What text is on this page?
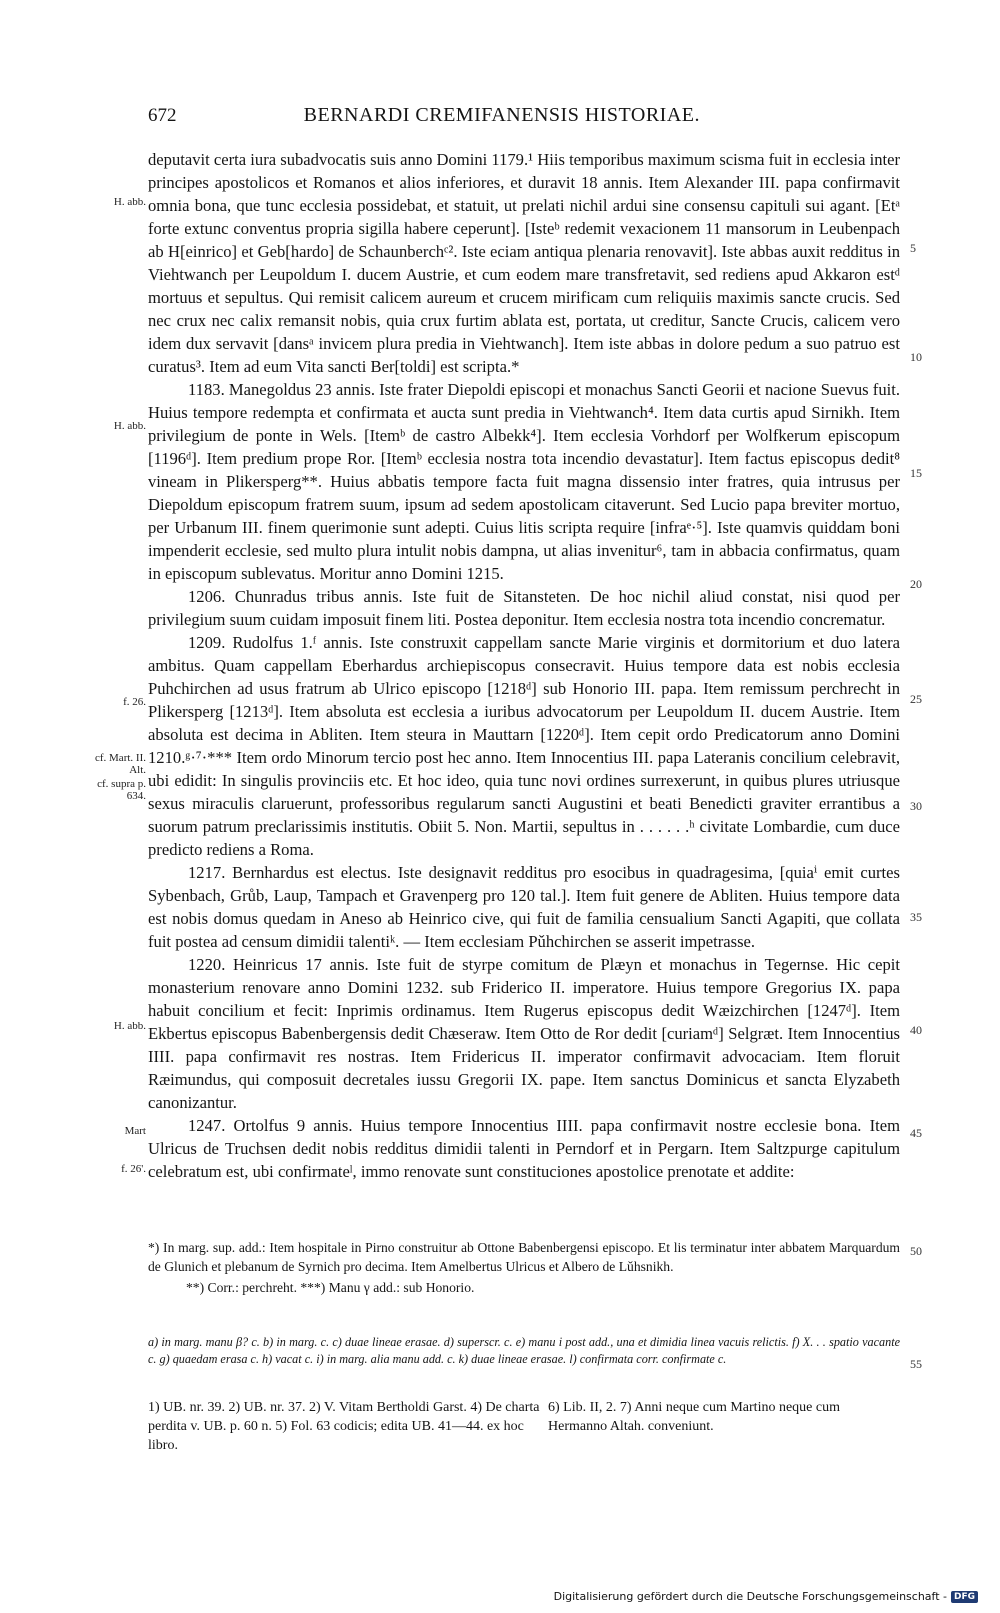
672	BERNARDI CREMIFANENSIS HISTORIAE.

deputavit certa iura subadvocatis suis anno Domini 1179.¹ Hiis temporibus maximum scisma fuit in ecclesia inter principes apostolicos et Romanos et alios inferiores, et duravit 18 annis. Item Alexander III. papa confirmavit omnia bona, que tunc ecclesia possidebat, et statuit, ut prelati nichil ardui sine consensu capituli sui agant. [Etᵃ forte extunc conventus propria sigilla habere ceperunt]. [Isteᵇ redemit vexacionem 11 mansorum in Leubenpach ab H[einrico] et Geb[hardo] de Schaunberchᶜ². Iste eciam antiqua plenaria renovavit]. Iste abbas auxit redditus in Viehtwanch per Leupoldum I. ducem Austrie, et cum eodem mare transfretavit, sed rediens apud Akkaron estᵈ mortuus et sepultus. Qui remisit calicem aureum et crucem mirificam cum reliquiis maximis sancte crucis. Sed nec crux nec calix remansit nobis, quia crux furtim ablata est, portata, ut creditur, Sancte Crucis, calicem vero idem dux servavit [dansᵃ invicem plura predia in Viehtwanch]. Item iste abbas in dolore pedum a suo patruo est curatus³. Item ad eum Vita sancti Ber[toldi] est scripta.*

1183. Manegoldus 23 annis. Iste frater Diepoldi episcopi et monachus Sancti Georii et nacione Suevus fuit. Huius tempore redempta et confirmata et aucta sunt predia in Viehtwanch⁴. Item data curtis apud Sirnikh. Item privilegium de ponte in Wels. [Itemᵇ de castro Albekk⁴]. Item ecclesia Vorhdorf per Wolfkerum episcopum [1196ᵈ]. Item predium prope Ror. [Itemᵇ ecclesia nostra tota incendio devastatur]. Item factus episcopus dedit⁸ vineam in Plikersperg**. Huius abbatis tempore facta fuit magna dissensio inter fratres, quia intrusus per Diepoldum episcopum fratrem suum, ipsum ad sedem apostolicam citaverunt. Sed Lucio papa breviter mortuo, per Urbanum III. finem querimonie sunt adepti. Cuius litis scripta require [infraᵉ·⁵]. Iste quamvis quiddam boni impenderit ecclesie, sed multo plura intulit nobis dampna, ut alias invenitur⁶, tam in abbacia confirmatus, quam in episcopum sublevatus. Moritur anno Domini 1215.

1206. Chunradus tribus annis. Iste fuit de Sitansteten. De hoc nichil aliud constat, nisi quod per privilegium suum cuidam imposuit finem liti. Postea deponitur. Item ecclesia nostra tota incendio concrematur.

1209. Rudolfus 1.ᶠ annis. Iste construxit cappellam sancte Marie virginis et dormitorium et duo latera ambitus. Quam cappellam Eberhardus archiepiscopus consecravit. Huius tempore data est nobis ecclesia Puhchirchen ad usus fratrum ab Ulrico episcopo [1218ᵈ] sub Honorio III. papa. Item remissum perchrecht in Plikersperg [1213ᵈ]. Item absoluta est ecclesia a iuribus advocatorum per Leupoldum II. ducem Austrie. Item absoluta est decima in Abliten. Item steura in Mauttarn [1220ᵈ]. Item cepit ordo Predicatorum anno Domini 1210.ᵍ·⁷·*** Item ordo Minorum tercio post hec anno. Item Innocentius III. papa Lateranis concilium celebravit, ubi edidit: In singulis provinciis etc. Et hoc ideo, quia tunc novi ordines surrexerunt, in quibus plures utriusque sexus miraculis claruerunt, professoribus regularum sancti Augustini et beati Benedicti graviter errantibus a suorum patrum preclarissimis institutis. Obiit 5. Non. Martii, sepultus in . . . . . .ʰ civitate Lombardie, cum duce predicto rediens a Roma.

1217. Bernhardus est electus. Iste designavit redditus pro esocibus in quadragesima, [quiaⁱ emit curtes Sybenbach, Grůb, Laup, Tampach et Gravenperg pro 120 tal.]. Item fuit genere de Abliten. Huius tempore data est nobis domus quedam in Aneso ab Heinrico cive, qui fuit de familia censualium Sancti Agapiti, que collata fuit postea ad censum dimidii talentiᵏ. — Item ecclesiam Pǔhchirchen se asserit impetrasse.

1220. Heinricus 17 annis. Iste fuit de styrpe comitum de Plæyn et monachus in Tegernse. Hic cepit monasterium renovare anno Domini 1232. sub Friderico II. imperatore. Huius tempore Gregorius IX. papa habuit concilium et fecit: Inprimis ordinamus. Item Rugerus episcopus dedit Wæizchirchen [1247ᵈ]. Item Ekbertus episcopus Babenbergensis dedit Chæseraw. Item Otto de Ror dedit [curiamᵈ] Selgræt. Item Innocentius IIII. papa confirmavit res nostras. Item Fridericus II. imperator confirmavit advocaciam. Item floruit Ræimundus, qui composuit decretales iussu Gregorii IX. pape. Item sanctus Dominicus et sancta Elyzabeth canonizantur.

1247. Ortolfus 9 annis. Huius tempore Innocentius IIII. papa confirmavit nostre ecclesie bona. Item Ulricus de Truchsen dedit nobis redditus dimidii talenti in Perndorf et in Pergarn. Item Saltzpurge capitulum celebratum est, ubi confirmateˡ, immo renovate sunt constituciones apostolice prenotate et addite:

H. abb.
H. abb.
f. 26.
cf. Mart. II. Alt.
cf. supra p. 634.
H. abb.
Mart
f. 26'.
5
10
15
20
25
30
35
40
45
50
55

*) In marg. sup. add.: Item hospitale in Pirno construitur ab Ottone Babenbergensi episcopo. Et lis terminatur inter abbatem Marquardum de Glunich et plebanum de Syrnich pro decima. Item Amelbertus Ulricus et Albero de Lǔhsnikh.

**) Corr.: perchreht. ***) Manu γ add.: sub Honorio.

a) in marg. manu β? c. b) in marg. c. c) duae lineae erasae. d) superscr. c. e) manu i post add., una et dimidia linea vacuis relictis. f) X. . . spatio vacante c. g) quaedam erasa c. h) vacat c. i) in marg. alia manu add. c. k) duae lineae erasae. l) confirmata corr. confirmate c.
1) UB. nr. 39. 2) UB. nr. 37. 2) V. Vitam Bertholdi Garst. 4) De charta perdita v. UB. p. 60 n. 5) Fol. 63 codicis; edita UB. 41—44. ex hoc libro.
6) Lib. II, 2. 7) Anni neque cum Martino neque cum Hermanno Altah. conveniunt.
Digitalisierung gefördert durch die Deutsche Forschungsgemeinschaft - DFG
